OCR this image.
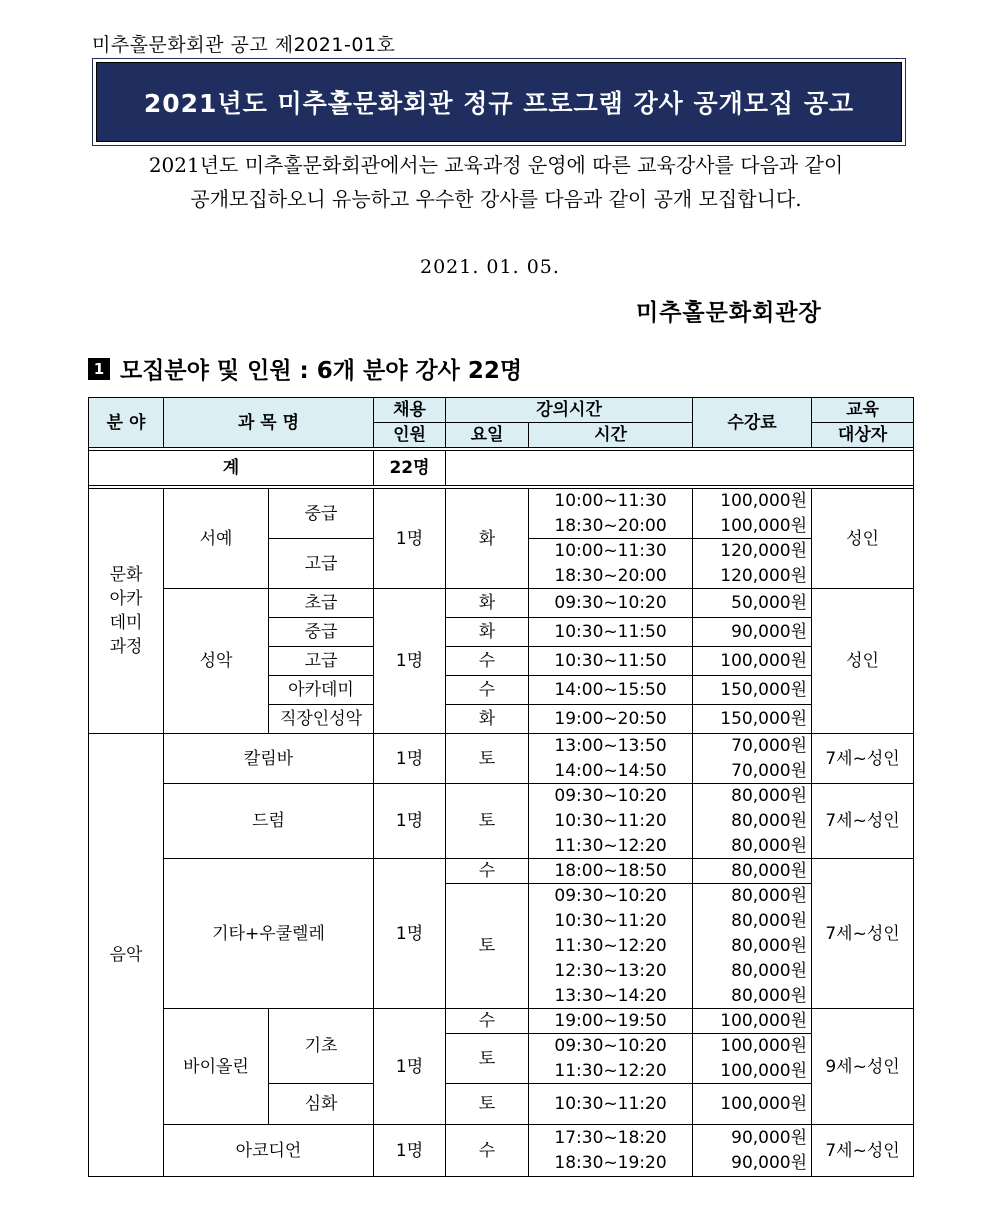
미추홀문화회관 공고 제2021-01호
2021년도 미추홀문화회관 정규 프로그램 강사 공개모집 공고
2021년도 미추홀문화회관에서는 교육과정 운영에 따른 교육강사를 다음과 같이
공개모집하오니 유능하고 우수한 강사를 다음과 같이 공개 모집합니다.
2021. 01. 05.
미추홀문화회관장
1 모집분야 및 인원 : 6개 분야 강사 22명
분 야	과 목 명		채용	강의시간		수강료	교육
			인원	요일	시간		대상자

계			22명				

문화
아카
데미
과정	서예	중급	1명	화	10:00~11:30	100,000원	성인
					18:30~20:00	100,000원	
		고급			10:00~11:30	120,000원	
					18:30~20:00	120,000원	
	성악	초급	1명	화	09:30~10:20	50,000원	성인
		중급		화	10:30~11:50	90,000원	
		고급		수	10:30~11:50	100,000원	
		아카데미		수	14:00~15:50	150,000원	
		직장인성악		화	19:00~20:50	150,000원	
음악	칼림바		1명	토	13:00~13:50	70,000원	7세~성인
					14:00~14:50	70,000원	
	드럼		1명	토	09:30~10:20	80,000원	7세~성인
					10:30~11:20	80,000원	
					11:30~12:20	80,000원	
	기타+우쿨렐레		1명	수	18:00~18:50	80,000원	7세~성인
				토	09:30~10:20	80,000원	
					10:30~11:20	80,000원	
					11:30~12:20	80,000원	
					12:30~13:20	80,000원	
					13:30~14:20	80,000원	
	바이올린	기초	1명	수	19:00~19:50	100,000원	9세~성인
				토	09:30~10:20	100,000원	
					11:30~12:20	100,000원	
		심화		토	10:30~11:20	100,000원	
	아코디언		1명	수	17:30~18:20	90,000원	7세~성인
					18:30~19:20	90,000원	
